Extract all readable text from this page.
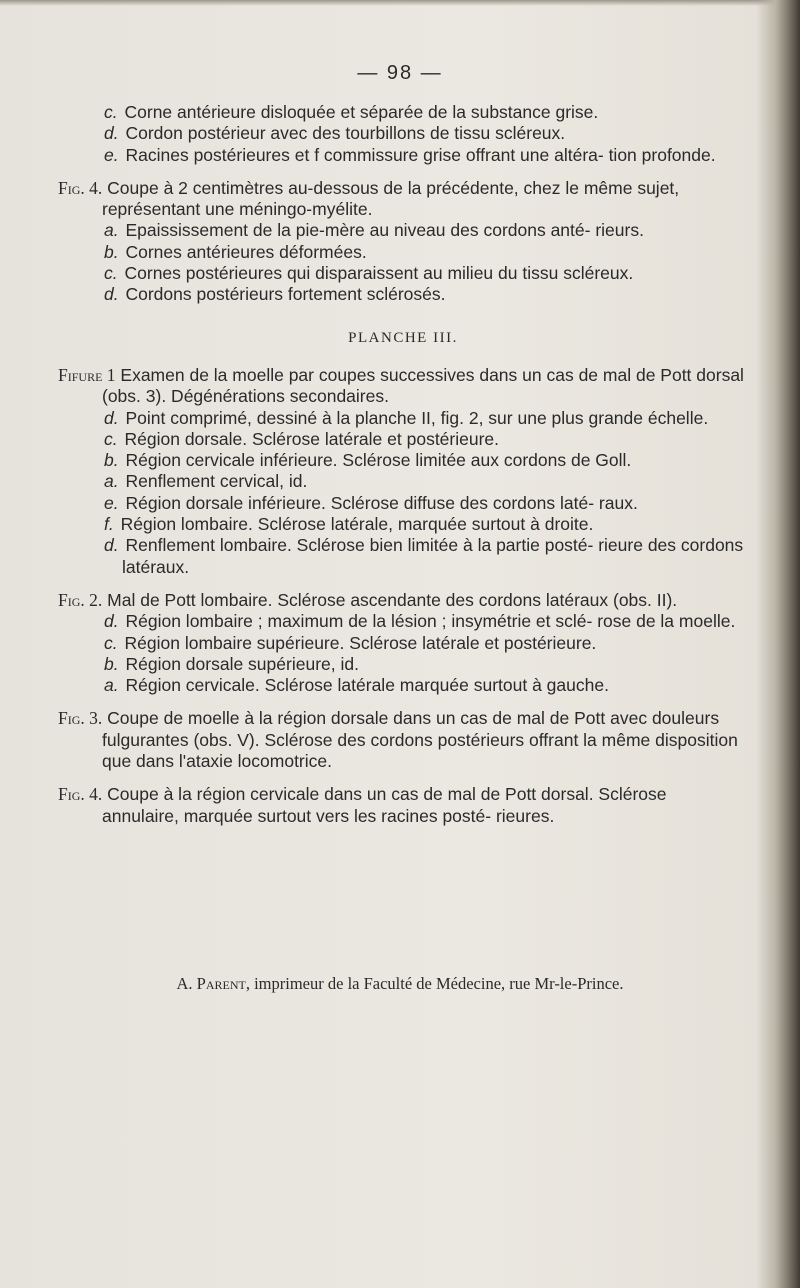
— 98 —
c. Corne antérieure disloquée et séparée de la substance grise.
d. Cordon postérieur avec des tourbillons de tissu scléreux.
e. Racines postérieures et f commissure grise offrant une altéra- tion profonde.
Fig. 4. Coupe à 2 centimètres au-dessous de la précédente, chez le même sujet, représentant une méningo-myélite.
a. Epaississement de la pie-mère au niveau des cordons anté- rieurs.
b. Cornes antérieures déformées.
c. Cornes postérieures qui disparaissent au milieu du tissu scléreux.
d. Cordons postérieurs fortement sclérosés.
PLANCHE III.
Fifure 1 Examen de la moelle par coupes successives dans un cas de mal de Pott dorsal (obs. 3). Dégénérations secondaires.
d. Point comprimé, dessiné à la planche II, fig. 2, sur une plus grande échelle.
c. Région dorsale. Sclérose latérale et postérieure.
b. Région cervicale inférieure. Sclérose limitée aux cordons de Goll.
a. Renflement cervical, id.
e. Région dorsale inférieure. Sclérose diffuse des cordons laté- raux.
f. Région lombaire. Sclérose latérale, marquée surtout à droite.
d. Renflement lombaire. Sclérose bien limitée à la partie posté- rieure des cordons latéraux.
Fig. 2. Mal de Pott lombaire. Sclérose ascendante des cordons latéraux (obs. II).
d. Région lombaire ; maximum de la lésion ; insymétrie et sclé- rose de la moelle.
c. Région lombaire supérieure. Sclérose latérale et postérieure.
b. Région dorsale supérieure, id.
a. Région cervicale. Sclérose latérale marquée surtout à gauche.
Fig. 3. Coupe de moelle à la région dorsale dans un cas de mal de Pott avec douleurs fulgurantes (obs. V). Sclérose des cordons postérieurs offrant la même disposition que dans l'ataxie locomotrice.
Fig. 4. Coupe à la région cervicale dans un cas de mal de Pott dorsal. Sclérose annulaire, marquée surtout vers les racines posté- rieures.
A. Parent, imprimeur de la Faculté de Médecine, rue Mr-le-Prince.
